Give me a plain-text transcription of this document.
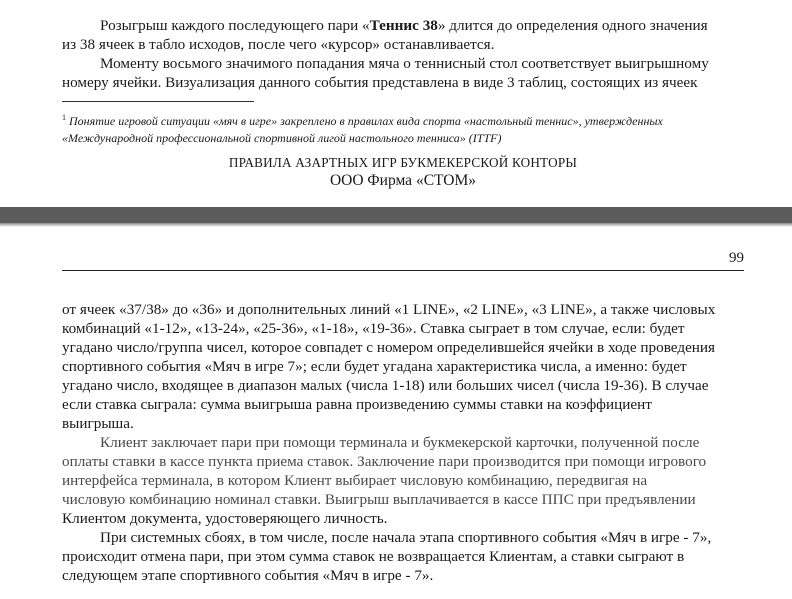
Розыгрыш каждого последующего пари «Теннис 38» длится до определения одного значения
из 38 ячеек в табло исходов, после чего «курсор» останавливается.

Моменту восьмого значимого попадания мяча о теннисный стол соответствует выигрышному
номеру ячейки. Визуализация данного события представлена в виде 3 таблиц, состоящих из ячеек

$^1$ Понятие игровой ситуации «мяч в игре» закреплено в правилах вида спорта «настольный теннис», утвержденных
«Международной профессиональной спортивной лигой настольного тенниса» (ITTF)

ПРАВИЛА АЗАРТНЫХ ИГР БУКМЕКЕРСКОЙ КОНТОРЫ
ООО Фирма «СТОМ»
99

от ячеек «37/38» до «36» и дополнительных линий «1 LINE», «2 LINE», «3 LINE», а также числовых
комбинаций «1-12», «13-24», «25-36», «1-18», «19-36». Ставка сыграет в том случае, если: будет
угадано число/группа чисел, которое совпадет с номером определившейся ячейки в ходе проведения
спортивного события «Мяч в игре 7»; если будет угадана характеристика числа, а именно: будет
угадано число, входящее в диапазон малых (числа 1-18) или больших чисел (числа 19-36). В случае
если ставка сыграла: сумма выигрыша равна произведению суммы ставки на коэффициент
выигрыша.

Клиент заключает пари при помощи терминала и букмекерской карточки, полученной после
оплаты ставки в кассе пункта приема ставок. Заключение пари производится при помощи игрового
интерфейса терминала, в котором Клиент выбирает числовую комбинацию, передвигая на
числовую комбинацию номинал ставки. Выигрыш выплачивается в кассе ППС при предъявлении
Клиентом документа, удостоверяющего личность.

При системных сбоях, в том числе, после начала этапа спортивного события «Мяч в игре - 7»,
происходит отмена пари, при этом сумма ставок не возвращается Клиентам, а ставки сыграют в
следующем этапе спортивного события «Мяч в игре - 7».
